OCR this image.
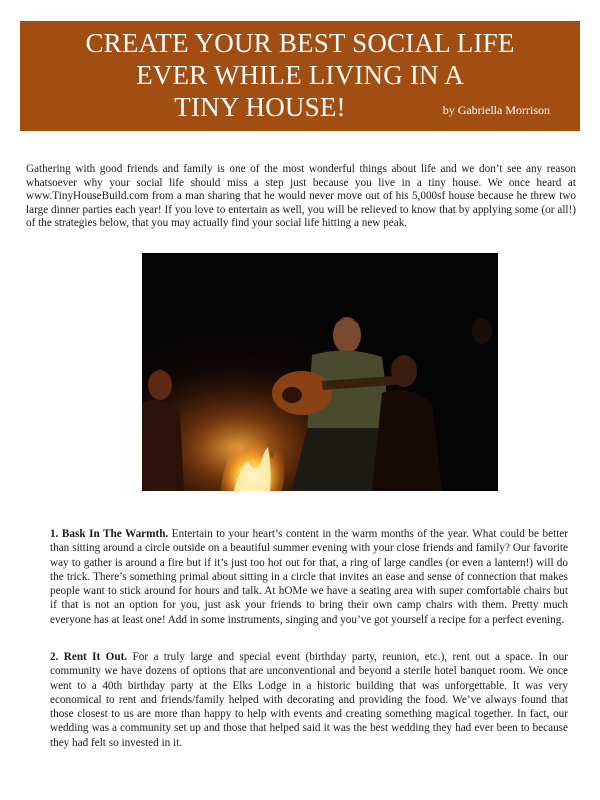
CREATE YOUR BEST SOCIAL LIFE
EVER WHILE LIVING IN A
TINY HOUSE!	by Gabriella Morrison

Gathering with good friends and family is one of the most wonderful things about life and we don’t see any reason whatsoever why your social life should miss a step just because you live in a tiny house. We once heard at www.TinyHouseBuild.com from a man sharing that he would never move out of his 5,000sf house because he threw two large dinner parties each year! If you love to entertain as well, you will be relieved to know that by applying some (or all!) of the strategies below, that you may actually find your social life hitting a new peak.

1. Bask In The Warmth. Entertain to your heart’s content in the warm months of the year. What could be better than sitting around a circle outside on a beautiful summer evening with your close friends and family? Our favorite way to gather is around a fire but if it’s just too hot out for that, a ring of large candles (or even a lantern!) will do the trick. There’s something primal about sitting in a circle that invites an ease and sense of connection that makes people want to stick around for hours and talk. At hOMe we have a seating area with super comfortable chairs but if that is not an option for you, just ask your friends to bring their own camp chairs with them. Pretty much everyone has at least one! Add in some instruments, singing and you’ve got yourself a recipe for a perfect evening.

2. Rent It Out. For a truly large and special event (birthday party, reunion, etc.), rent out a space. In our community we have dozens of options that are unconventional and beyond a sterile hotel banquet room. We once went to a 40th birthday party at the Elks Lodge in a historic building that was unforgettable. It was very economical to rent and friends/family helped with decorating and providing the food. We’ve always found that those closest to us are more than happy to help with events and creating something magical together. In fact, our wedding was a community set up and those that helped said it was the best wedding they had ever been to because they had felt so invested in it.
